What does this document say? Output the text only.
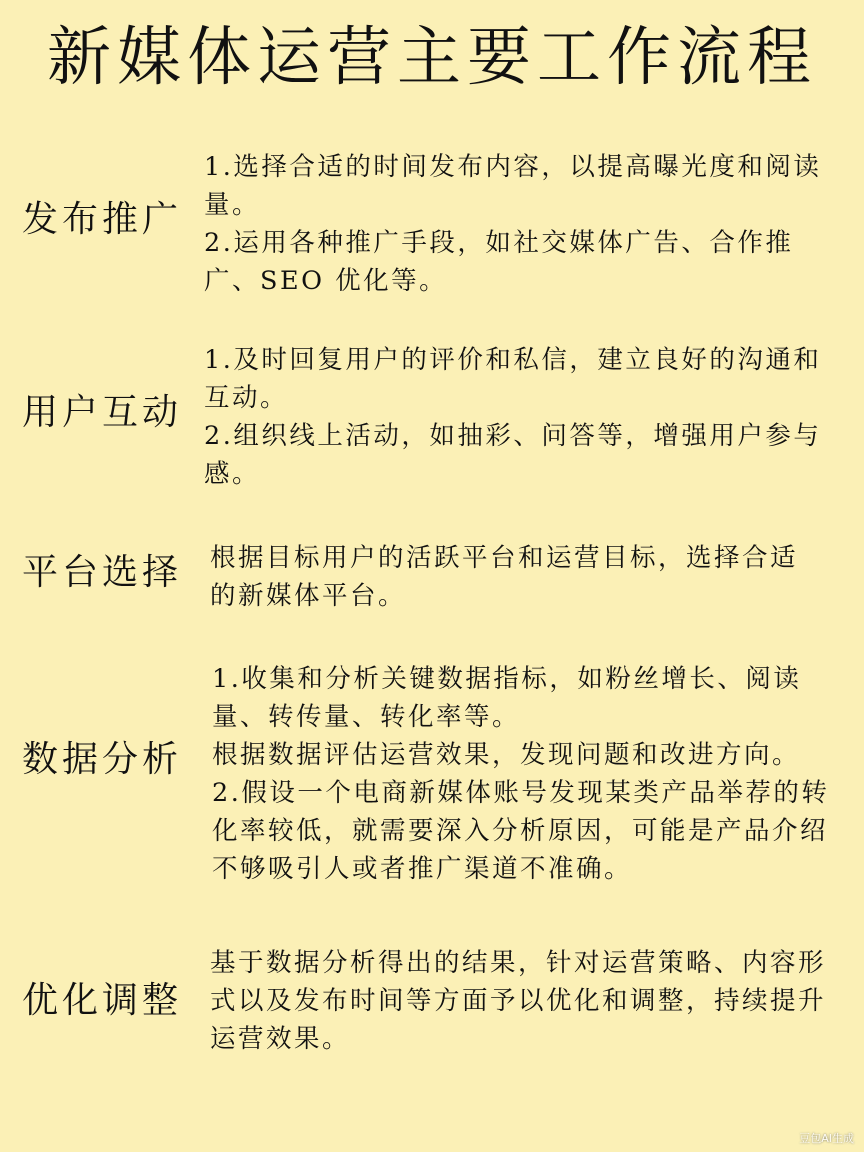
新媒体运营主要工作流程
发布推广

1.选择合适的时间发布内容，以提高曝光度和阅读量。

2.运用各种推广手段，如社交媒体广告、合作推广、SEO 优化等。

用户互动

1.及时回复用户的评价和私信，建立良好的沟通和互动。

2.组织线上活动，如抽彩、问答等，增强用户参与感。

平台选择 根据目标用户的活跃平台和运营目标，选择合适的新媒体平台。

数据分析

1.收集和分析关键数据指标，如粉丝增长、阅读量、转传量、转化率等。

根据数据评估运营效果，发现问题和改进方向。

2.假设一个电商新媒体账号发现某类产品举荐的转化率较低，就需要深入分析原因，可能是产品介绍不够吸引人或者推广渠道不准确。

优化调整

基于数据分析得出的结果，针对运营策略、内容形式以及发布时间等方面予以优化和调整，持续提升运营效果。

豆包AI生成
